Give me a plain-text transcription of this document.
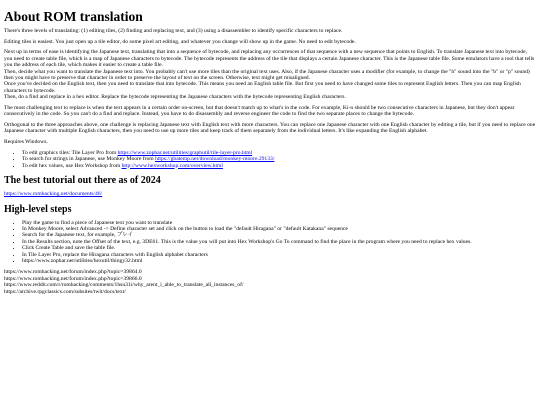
About ROM translation

There's three levels of translating: (1) editing tiles, (2) finding and replacing text, and (3) using a disassembler to identify specific characters to replace.

Editing tiles is easiest. You just open up a tile editor, do some pixel art editing, and whatever you change will show up in the game. No need to edit bytecode.

Next up in terms of ease is identifying the Japanese text, translating that into a sequence of bytecode, and replacing any occurrences of that sequence with a new sequence that points to English. To translate Japanese text into bytecode, you need to create table file, which is a map of Japanese characters to bytecode. The bytecode represents the address of the tile that displays a certain Japanese character. This is the Japanese table file. Some emulators have a tool that tells you the address of each tile, which makes it easier to create a table file.
Then, decide what you want to translate the Japanese text into. You probably can't use more tiles than the original text uses. Also, if the Japanese character uses a modifier (for example, to change the "h" sound into the "b" or "p" sound) then you might have to preserve that character in order to preserve the layout of text on the screen. Otherwise, text might get misaligned.
Once you've decided on the English text, then you need to translate that into bytecode. This means you need an English table file. But first you need to have changed some tiles to represent English letters. Then you can map English characters to bytecode.
Then, do a find and replace in a hex editor. Replace the bytecode representing the Japanese characters with the bytecode representing English characters.

The most challenging text to replace is when the text appears in a certain order on-screen, but that doesn't match up to what's in the code. For example, Ki-n should be two consecutive characters in Japanese, but they don't appear consecutively in the code. So you can't do a find and replace. Instead, you have to do disassembly and reverse engineer the code to find the two separate places to change the bytecode.

Orthogonal to the three approaches above, one challenge is replacing Japanese text with English text with more characters. You can replace one Japanese character with one English character by editing a tile, but if you need to replace one Japanese character with multiple English characters, then you need to use up more tiles and keep track of them separately from the individual letters. It's like expanding the English alphabet.

Requires Windows.

• To edit graphics tiles: Tile Layer Pro from https://www.zophar.net/utilities/graphutil/tile-layer-pro.html
• To search for strings in Japanese, use Monkey Moore from https://gbatemp.net/download/monkey-moore.29133/
• To edit hex values, use Hex Workshop from http://www.hexworkshop.com/overview.html
The best tutorial out there as of 2024

https://www.romhacking.net/documents/46/

High-level steps
• Play the game to find a piece of Japanese text you want to translate
• In Monkey Moore, select Advanced -> Define character set and click on the button to load the "default Hiragana" or "default Katakana" sequence
• Search for the Japanese text, for example, ブレイ
• In the Results section, note the Offset of the text, e.g. 3DE61. This is the value you will put into Hex Workshop's Go To command to find the place in the program where you need to replace hex values.
• Click Create Table and save the table file.
• In Tile Layer Pro, replace the Hiragana characters with English alphabet characters
• https://www.zophar.net/utilities/hexutil/thingy32.html
https://www.romhacking.net/forum/index.php?topic=39864.0
https://www.romhacking.net/forum/index.php?topic=39866.0
https://www.reddit.com/r/romhacking/comments/1hsu31i/why_arent_i_able_to_translate_all_instances_of/
https://archive.rpgclassics.com/subsites/twit/docs/text/
